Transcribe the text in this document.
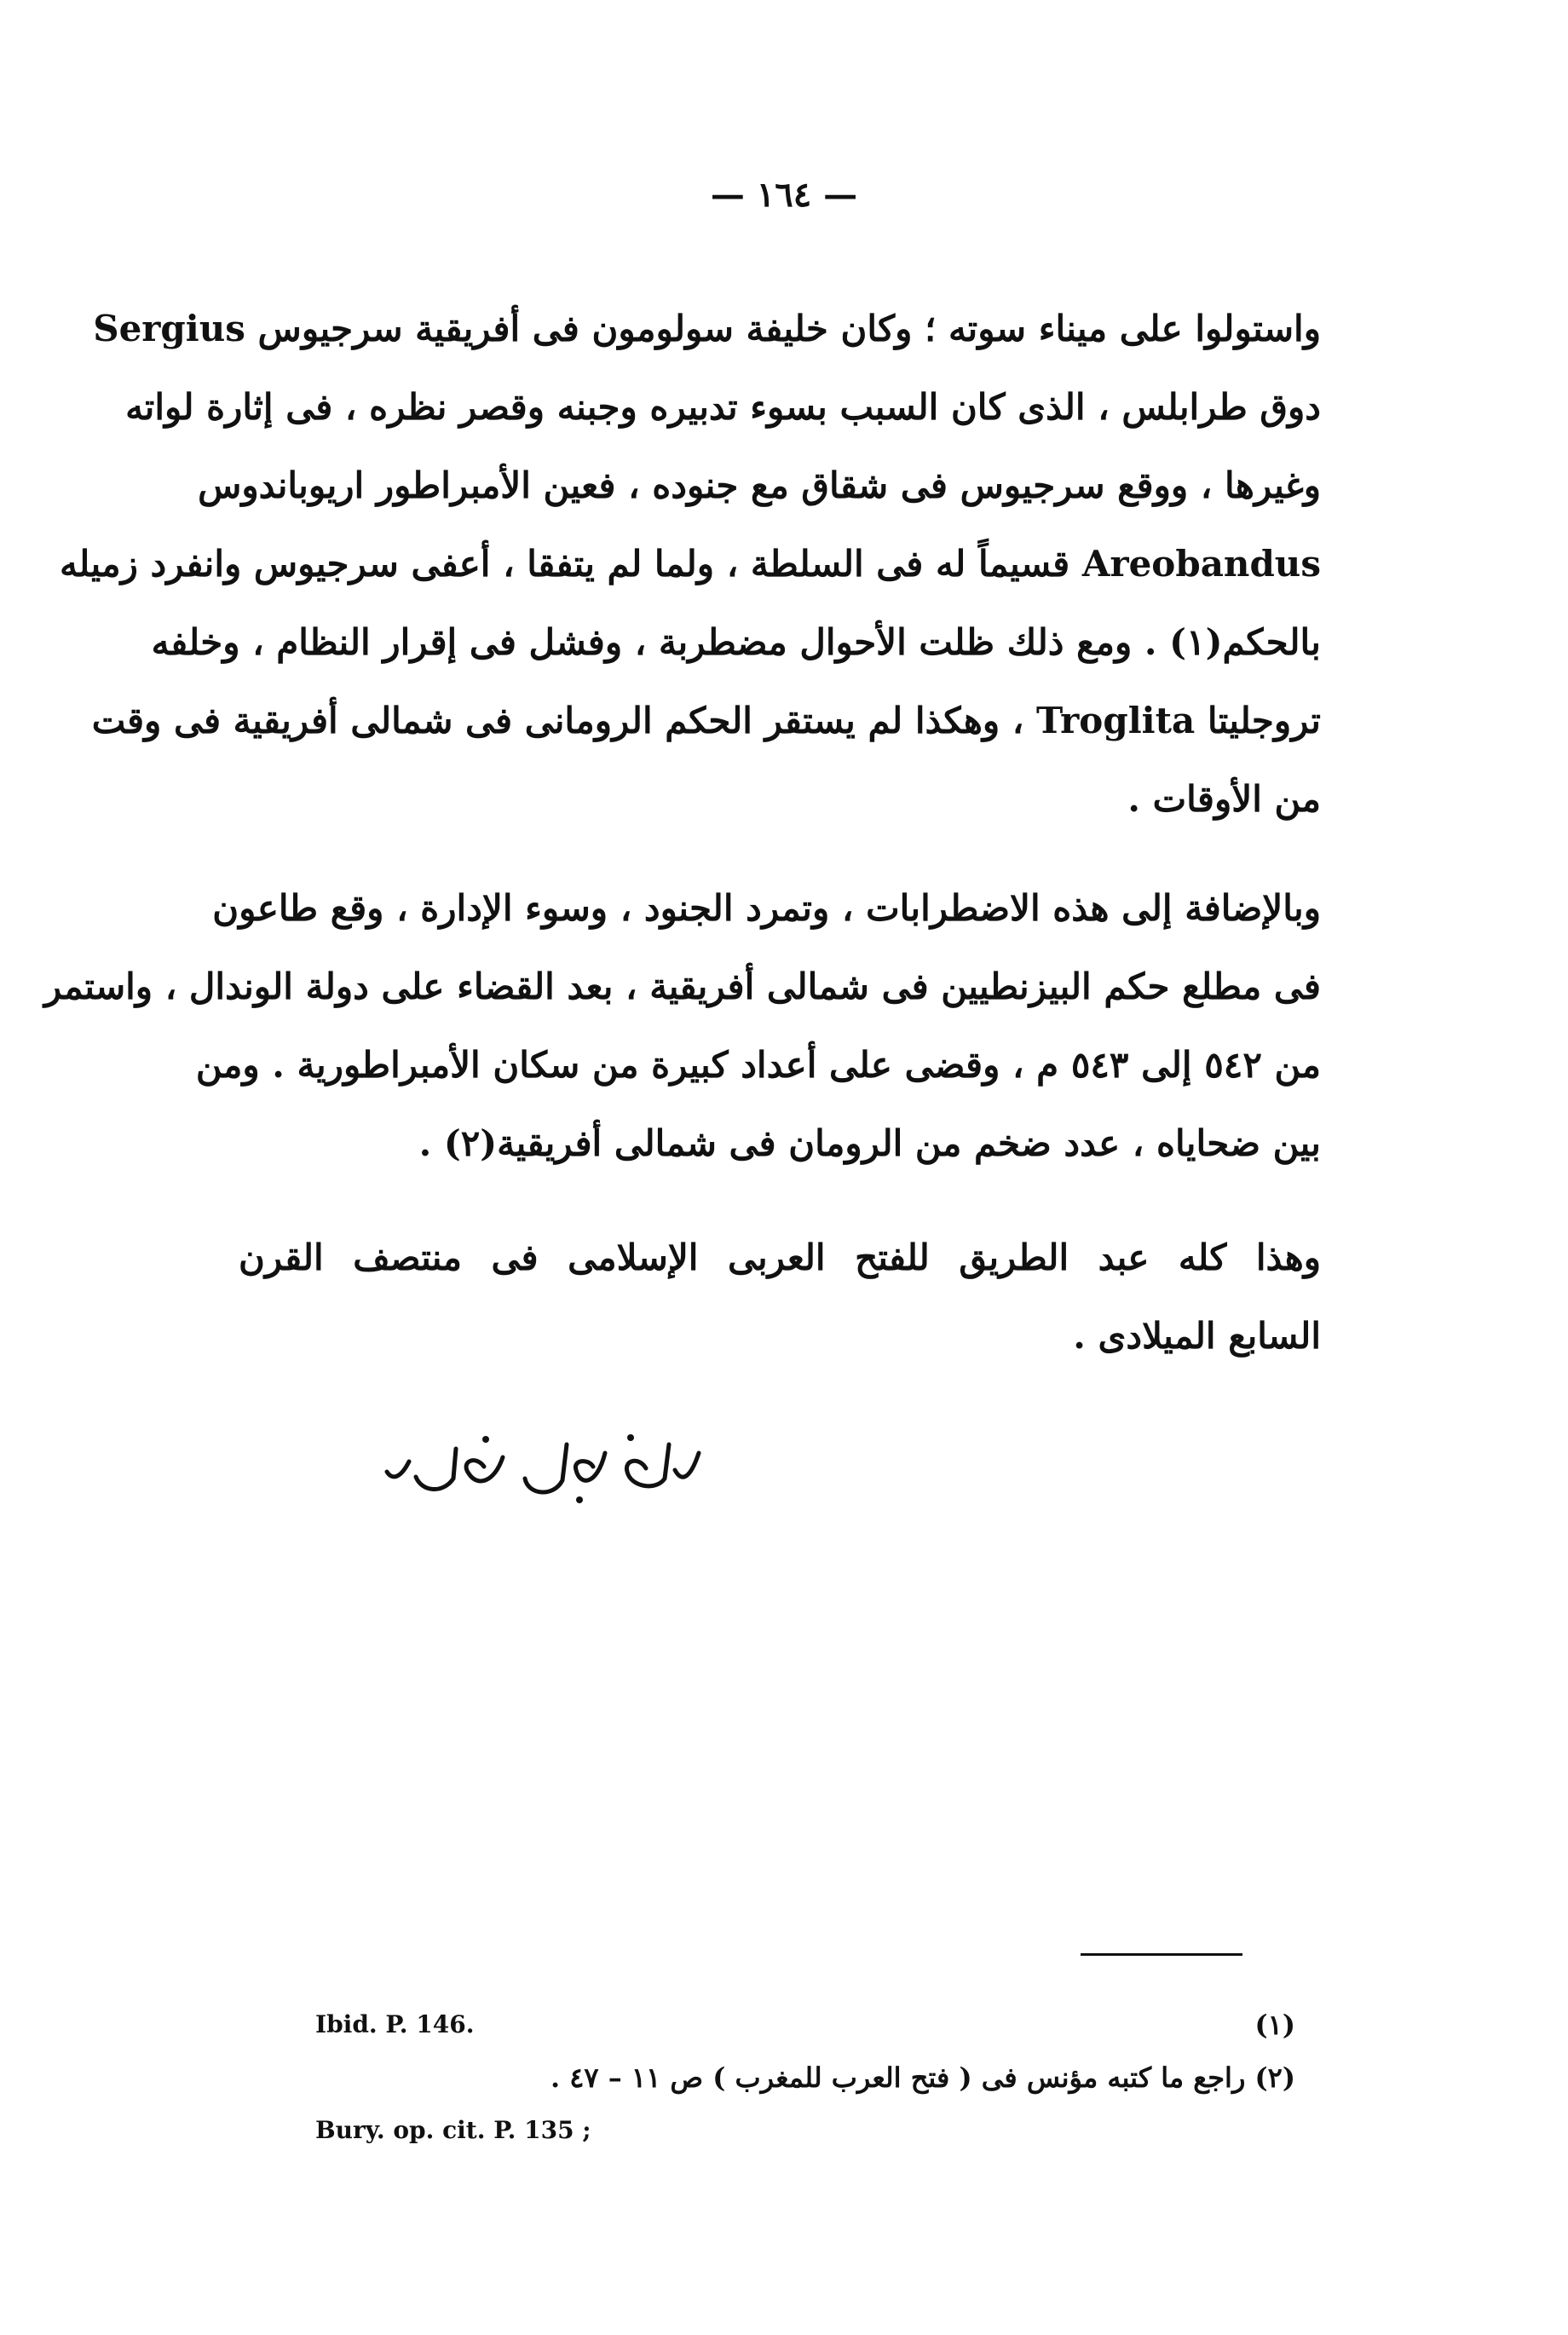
— ١٦٤ —
واستولوا على ميناء سوته ؛ وكان خليفة سولومون فى أفريقية سرجيوس Sergius
دوق طرابلس ، الذى كان السبب بسوء تدبيره وجبنه وقصر نظره ، فى إثارة لواته
وغيرها ، ووقع سرجيوس فى شقاق مع جنوده ، فعين الأمبراطور اريوباندوس
Areobandus قسيماً له فى السلطة ، ولما لم يتفقا ، أعفى سرجيوس وانفرد زميله
بالحكم(١) . ومع ذلك ظلت الأحوال مضطربة ، وفشل فى إقرار النظام ، وخلفه
تروجليتا Troglita ، وهكذا لم يستقر الحكم الرومانى فى شمالى أفريقية فى وقت
من الأوقات .
وبالإضافة إلى هذه الاضطرابات ، وتمرد الجنود ، وسوء الإدارة ، وقع طاعون
فى مطلع حكم البيزنطيين فى شمالى أفريقية ، بعد القضاء على دولة الوندال ، واستمر
من ٥٤٢ إلى ٥٤٣ م ، وقضى على أعداد كبيرة من سكان الأمبراطورية . ومن
بين ضحاياه ، عدد ضخم من الرومان فى شمالى أفريقية(٢) .
وهذا كله عبد الطريق للفتح العربى الإسلامى فى منتصف القرن
السابع الميلادى .
Ibid. P. 146.	(١)
(٢) راجع ما كتبه مؤنس فى ( فتح العرب للمغرب ) ص ١١ – ٤٧ .
Bury. op. cit. P. 135 ;
